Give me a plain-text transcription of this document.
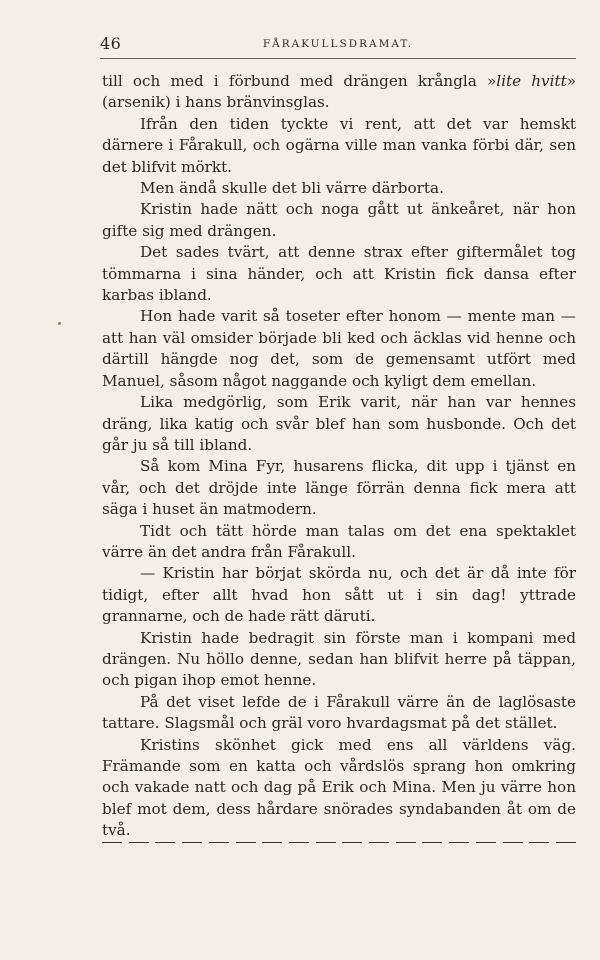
46	FÅRAKULLSDRAMAT.

till och med i förbund med drängen krångla »lite hvitt» (arsenik) i hans bränvinsglas.

Ifrån den tiden tyckte vi rent, att det var hemskt därnere i Fårakull, och ogärna ville man vanka förbi där, sen det blifvit mörkt.

Men ändå skulle det bli värre därborta.

Kristin hade nätt och noga gått ut änkeåret, när hon gifte sig med drängen.

Det sades tvärt, att denne strax efter giftermålet tog tömmarna i sina händer, och att Kristin fick dansa efter karbas ibland.

Hon hade varit så toseter efter honom — mente man — att han väl omsider började bli ked och äcklas vid henne och därtill hängde nog det, som de gemensamt utfört med Manuel, såsom något naggande och kyligt dem emellan.

Lika medgörlig, som Erik varit, när han var hennes dräng, lika katig och svår blef han som husbonde. Och det går ju så till ibland.

Så kom Mina Fyr, husarens flicka, dit upp i tjänst en vår, och det dröjde inte länge förrän denna fick mera att säga i huset än matmodern.

Tidt och tätt hörde man talas om det ena spektaklet värre än det andra från Fårakull.

— Kristin har börjat skörda nu, och det är då inte för tidigt, efter allt hvad hon sått ut i sin dag! yttrade grannarne, och de hade rätt däruti.

Kristin hade bedragit sin förste man i kompani med drängen. Nu höllo denne, sedan han blifvit herre på täppan, och pigan ihop emot henne.

På det viset lefde de i Fårakull värre än de laglösaste tattare. Slagsmål och gräl voro hvardagsmat på det stället.

Kristins skönhet gick med ens all världens väg. Främande som en katta och vårdslös sprang hon omkring och vakade natt och dag på Erik och Mina. Men ju värre hon blef mot dem, dess hårdare snörades syndabanden åt om de två.
